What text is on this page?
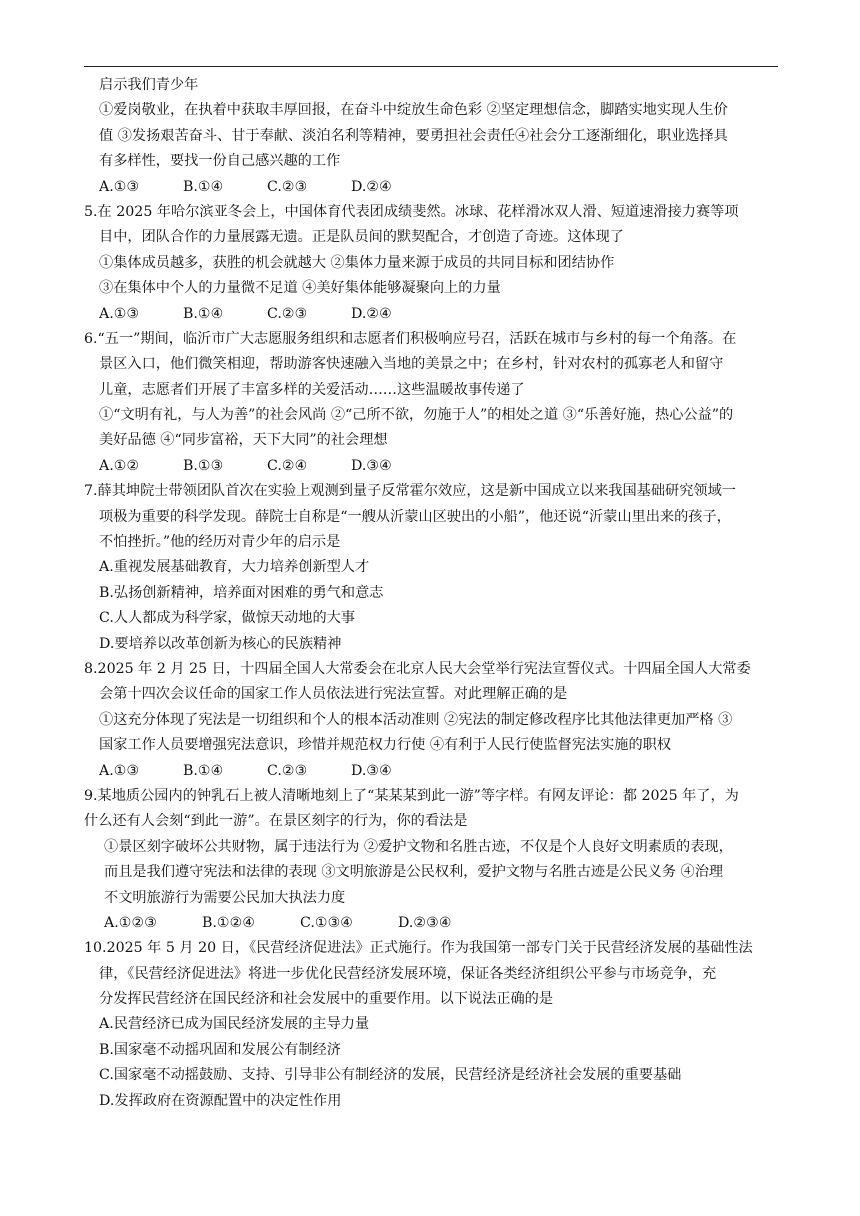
启示我们青少年
①爱岗敬业，在执着中获取丰厚回报，在奋斗中绽放生命色彩 ②坚定理想信念，脚踏实地实现人生价
值 ③发扬艰苦奋斗、甘于奉献、淡泊名利等精神，要勇担社会责任④社会分工逐渐细化，职业选择具
有多样性，要找一份自己感兴趣的工作
A.①③	B.①④	C.②③	D.②④
5.在 2025 年哈尔滨亚冬会上，中国体育代表团成绩斐然。冰球、花样滑冰双人滑、短道速滑接力赛等项
目中，团队合作的力量展露无遗。正是队员间的默契配合，才创造了奇迹。这体现了
①集体成员越多，获胜的机会就越大 ②集体力量来源于成员的共同目标和团结协作
③在集体中个人的力量微不足道 ④美好集体能够凝聚向上的力量
A.①③	B.①④	C.②③	D.②④
6.“五一”期间，临沂市广大志愿服务组织和志愿者们积极响应号召，活跃在城市与乡村的每一个角落。在
景区入口，他们微笑相迎，帮助游客快速融入当地的美景之中；在乡村，针对农村的孤寡老人和留守
儿童，志愿者们开展了丰富多样的关爱活动……这些温暖故事传递了
①“文明有礼，与人为善”的社会风尚 ②“己所不欲，勿施于人”的相处之道 ③“乐善好施，热心公益”的
美好品德 ④“同步富裕，天下大同”的社会理想
A.①②	B.①③	C.②④	D.③④
7.薛其坤院士带领团队首次在实验上观测到量子反常霍尔效应，这是新中国成立以来我国基础研究领域一
项极为重要的科学发现。薛院士自称是“一艘从沂蒙山区驶出的小船”，他还说“沂蒙山里出来的孩子，
不怕挫折。”他的经历对青少年的启示是
A.重视发展基础教育，大力培养创新型人才
B.弘扬创新精神，培养面对困难的勇气和意志
C.人人都成为科学家，做惊天动地的大事
D.要培养以改革创新为核心的民族精神
8.2025 年 2 月 25 日，十四届全国人大常委会在北京人民大会堂举行宪法宣誓仪式。十四届全国人大常委
会第十四次会议任命的国家工作人员依法进行宪法宣誓。对此理解正确的是
①这充分体现了宪法是一切组织和个人的根本活动准则 ②宪法的制定修改程序比其他法律更加严格 ③
国家工作人员要增强宪法意识，珍惜并规范权力行使 ④有利于人民行使监督宪法实施的职权
A.①③	B.①④	C.②③	D.③④
9.某地质公园内的钟乳石上被人清晰地刻上了“某某某到此一游”等字样。有网友评论：都 2025 年了，为
什么还有人会刻“到此一游”。在景区刻字的行为，你的看法是
①景区刻字破坏公共财物，属于违法行为 ②爱护文物和名胜古迹，不仅是个人良好文明素质的表现，
而且是我们遵守宪法和法律的表现 ③文明旅游是公民权利，爱护文物与名胜古迹是公民义务 ④治理
不文明旅游行为需要公民加大执法力度
A.①②③	B.①②④	C.①③④	D.②③④
10.2025 年 5 月 20 日，《民营经济促进法》正式施行。作为我国第一部专门关于民营经济发展的基础性法
律，《民营经济促进法》将进一步优化民营经济发展环境，保证各类经济组织公平参与市场竞争，充
分发挥民营经济在国民经济和社会发展中的重要作用。以下说法正确的是
A.民营经济已成为国民经济发展的主导力量
B.国家毫不动摇巩固和发展公有制经济
C.国家毫不动摇鼓励、支持、引导非公有制经济的发展，民营经济是经济社会发展的重要基础
D.发挥政府在资源配置中的决定性作用
